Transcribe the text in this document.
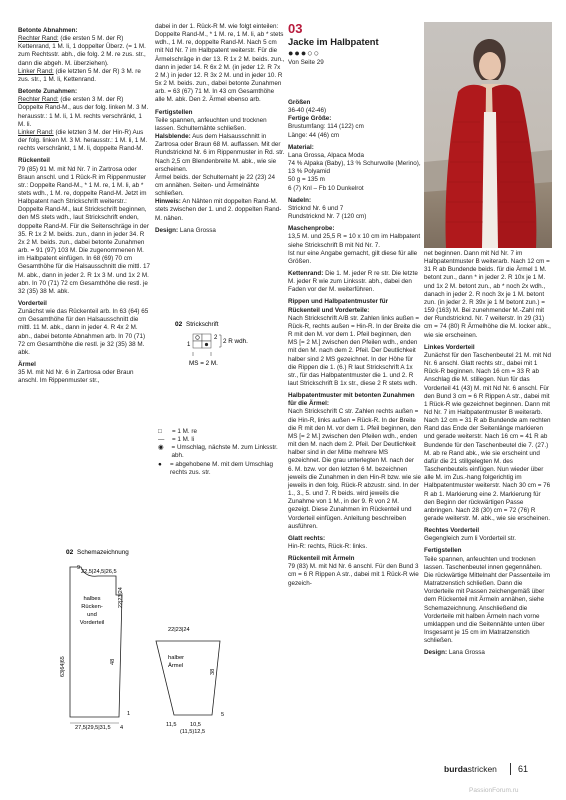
Betonte Abnahmen:

Rechter Rand: (die ersten 5 M. der R) Kettenrand, 1 M. li, 1 doppelter Überz. (= 1 M. zum Rechtsstr. abh., die folg. 2 M. re zus. str., dann die abgeh. M. überziehen).

Linker Rand: (die letzten 5 M. der R) 3 M. re zus. str., 1 M. li, Kettenrand.

Betonte Zunahmen:

Rechter Rand: (die ersten 3 M. der R) Doppelte Rand-M., aus der folg. linken M. 3 M. herausstr.: 1 M. li, 1 M. rechts verschränkt, 1 M. li.

Linker Rand: (die letzten 3 M. der Hin-R) Aus der folg. linken M. 3 M. herausstr.: 1 M. li, 1 M. rechts verschränkt, 1 M. li, doppelte Rand-M.

Rückenteil

79 (85) 91 M. mit Nd Nr. 7 in Zartrosa oder Braun anschl. und 1 Rück-R im Rippenmuster str.: Doppelte Rand-M., * 1 M. re, 1 M. li, ab * stets wdh., 1 M. re, doppelte Rand-M. Jetzt im Halbpatent nach Strickschrift weiterstr.: Doppelte Rand-M., laut Strickschrift beginnen, den MS stets wdh., laut Strickschrift enden, doppelte Rand-M. Für die Seitenschräge in der 35. R 1x 2 M. beids. zun., dann in jeder 34. R 2x 2 M. beids. zun., dabei betonte Zunahmen arb. = 91 (97) 103 M. Die zugenommenen M. im Halbpatent einfügen. In 68 (69) 70 cm Gesamthöhe für die Halsausschnitt die mittl. 17 M. abk., dann in jeder 2. R 1x 3 M. und 1x 2 M. abn. In 70 (71) 72 cm Gesamthöhe die restl. je 32 (35) 38 M. abk.

Vorderteil

Zunächst wie das Rückenteil arb. In 63 (64) 65 cm Gesamthöhe für den Halsausschnitt die mittl. 11 M. abk., dann in jeder 4. R 4x 2 M. abn., dabei betonte Abnahmen arb. In 70 (71) 72 cm Gesamthöhe die restl. je 32 (35) 38 M. abk.

Ärmel

35 M. mit Nd Nr. 6 in Zartrosa oder Braun anschl. Im Rippenmuster str.,

dabei in der 1. Rück-R M. wie folgt einteilen: Doppelte Rand-M., * 1 M. re, 1 M. li, ab * stets wdh., 1 M. re, doppelte Rand-M. Nach 5 cm mit Nd Nr. 7 im Halbpatent weiterstr. Für die Ärmelschräge in der 13. R 1x 2 M. beids. zun., dann in jeder 14. R 6x 2 M. (in jeder 12. R 7x 2 M.) in jeder 12. R 3x 2 M. und in jeder 10. R 5x 2 M. beids. zun., dabei betonte Zunahmen arb. = 63 (67) 71 M. In 43 cm Gesamthöhe alle M. abk. Den 2. Ärmel ebenso arb.

Fertigstellen

Teile spannen, anfeuchten und trocknen lassen. Schulternähte schließen.

Halsblende: Aus dem Halsausschnitt in Zartrosa oder Braun 68 M. auffassen. Mit der Rundstricknd Nr. 6 im Rippenmuster in Rd. str. Nach 2,5 cm Blendenbreite M. abk., wie sie erscheinen.

Ärmel beids. der Schulternaht je 22 (23) 24 cm annähen. Seiten- und Ärmelnähte schließen.

Hinweis: An Nähten mit doppelten Rand-M. stets zwischen der 1. und 2. doppelten Rand-M. nähen.

Design: Lana Grossa

02 Strickschrift
1
2 2 R wdh.
MS = 2 M.
□	= 1 M. re
—	= 1 M. li
◉	= Umschlag, nächste M. zum Linksstr. abh.
●	= abgehobene M. mit dem Umschlag rechts zus. str.
02 Schemazeichnung
9
22,5|24,5|26,5
22|23|24
halbes
Rücken-
und
Vorderteil
63|64|65	48
27,5|29,5|31,5 4
1
22|23|24
halber
Ärmel
38
5
11,5 10,5
(11,5)12,5
03
Jacke im Halbpatent
●●●○○
Von Seite 29

Größen

36-40 (42-46)

Fertige Größe:

Brustumfang: 114 (122) cm

Länge: 44 (46) cm

Material:

Lana Grossa, Alpaca Moda

74 % Alpaka (Baby), 13 % Schurwolle (Merino), 13 % Polyamid

50 g = 135 m

6 (7) Knl – Fb 10 Dunkelrot

Nadeln:

Stricknd Nr. 6 und 7

Rundstricknd Nr. 7 (120 cm)

Maschenprobe:

13,5 M. und 25,5 R = 10 x 10 cm im Halbpatent siehe Strickschrift B mit Nd Nr. 7.

Ist nur eine Angabe gemacht, gilt diese für alle Größen.

Kettenrand: Die 1. M. jeder R re str. Die letzte M. jeder R wie zum Linksstr. abh., dabei den Faden vor der M. weiterführen.

Rippen und Halbpatentmuster für Rückenteil und Vorderteile:

Nach Strickschrift A/B str. Zahlen links außen = Rück-R, rechts außen = Hin-R. In der Breite die R mit den M. vor dem 1. Pfeil beginnen, den MS [= 2 M.] zwischen den Pfeilen wdh., enden mit den M. nach dem 2. Pfeil. Der Deutlichkeit halber sind 2 MS gezeichnet. In der Höhe für die Rippen die 1. (6.) R laut Strickschrift A 1x str., für das Halbpatentmuster die 1. und 2. R laut Strickschrift B 1x str., diese 2 R stets wdh.

Halbpatentmuster mit betonten Zunahmen für die Ärmel:

Nach Strickschrift C str. Zahlen rechts außen = die Hin-R, links außen = Rück-R. In der Breite die R mit den M. vor dem 1. Pfeil beginnen, den MS [= 2 M.] zwischen den Pfeilen wdh., enden mit den M. nach dem 2. Pfeil. Der Deutlichkeit halber sind in der Mitte mehrere MS gezeichnet. Die grau unterlegten M. nach der 6. M. bzw. vor den letzten 6 M. bezeichnen jeweils die Zunahmen in den Hin-R bzw. wie sie jeweils in den folg. Rück-R abzustr. sind. In der 1., 3., 5. und 7. R beids. wird jeweils die Zunahme von 1 M., in der 9. R von 2 M. gezeigt. Diese Zunahmen im Rückenteil und Vorderteil einfügen. Anleitung beschreiben ausführen.

Glatt rechts:

Hin-R: rechts, Rück-R: links.

Rückenteil mit Ärmeln

79 (83) M. mit Nd Nr. 6 anschl. Für den Bund 3 cm = 6 R Rippen A str., dabei mit 1 Rück-R wie gezeich-

net beginnen. Dann mit Nd Nr. 7 im Halbpatentmuster B weiterarb. Nach 12 cm = 31 R ab Bundende beids. für die Ärmel 1 M. betont zun., dann * in jeder 2. R 10x je 1 M. und 1x 2 M. betont zun., ab * noch 2x wdh., danach in jeder 2. R noch 3x je 1 M. betont zun. (in jeder 2. R 39x je 1 M betont zun.) = 159 (163) M. Bei zunehmender M.-Zahl mit der Rundstricknd. Nr. 7 weiterstr. In 29 (31) cm = 74 (80) R Ärmelhöhe die M. locker abk., wie sie erscheinen.

Linkes Vorderteil

Zunächst für den Taschenbeutel 21 M. mit Nd Nr. 6 anschl. Glatt rechts str., dabei mit 1 Rück-R beginnen. Nach 16 cm = 33 R ab Anschlag die M. stillegen. Nun für das Vorderteil 41 (43) M. mit Nd Nr. 6 anschl. Für den Bund 3 cm = 6 R Rippen A str., dabei mit 1 Rück-R wie gezeichnet beginnen. Dann mit Nd Nr. 7 im Halbpatentmuster B weiterarb. Nach 12 cm = 31 R ab Bundende am rechten Rand das Ende der Seitenlänge markieren und gerade weiterstr. Nach 16 cm = 41 R ab Bundende für den Taschenbeutel die 7. (27.) M. ab re Rand abk., wie sie erscheint und dafür die 21 stillgelegten M. des Taschenbeutels einfügen. Nun wieder über alle M. im Zus.-hang folgerichtig im Halbpatentmuster weiterstr. Nach 30 cm = 76 R ab 1. Markierung eine 2. Markierung für den Beginn der rückwärtigen Passe anbringen. Nach 28 (30) cm = 72 (76) R gerade weiterstr. M. abk., wie sie erscheinen.

Rechtes Vorderteil

Gegengleich zum li Vorderteil str.

Fertigstellen

Teile spannen, anfeuchten und trocknen lassen. Taschenbeutel innen gegennähen. Die rückwärtige Mittelnaht der Passenteile im Matratzenstich schließen. Dann die Vorderteile mit Passen zeichengemäß über dem Rückenteil mit Ärmeln annähen, siehe Schemazeichnung. Anschließend die Vorderteile mit halben Ärmeln nach vorne umklappen und die Seitennähte unten über Insgesamt je 15 cm im Matratzenstich schließen.

Design: Lana Grossa

burdastricken 61
PassionForum.ru
